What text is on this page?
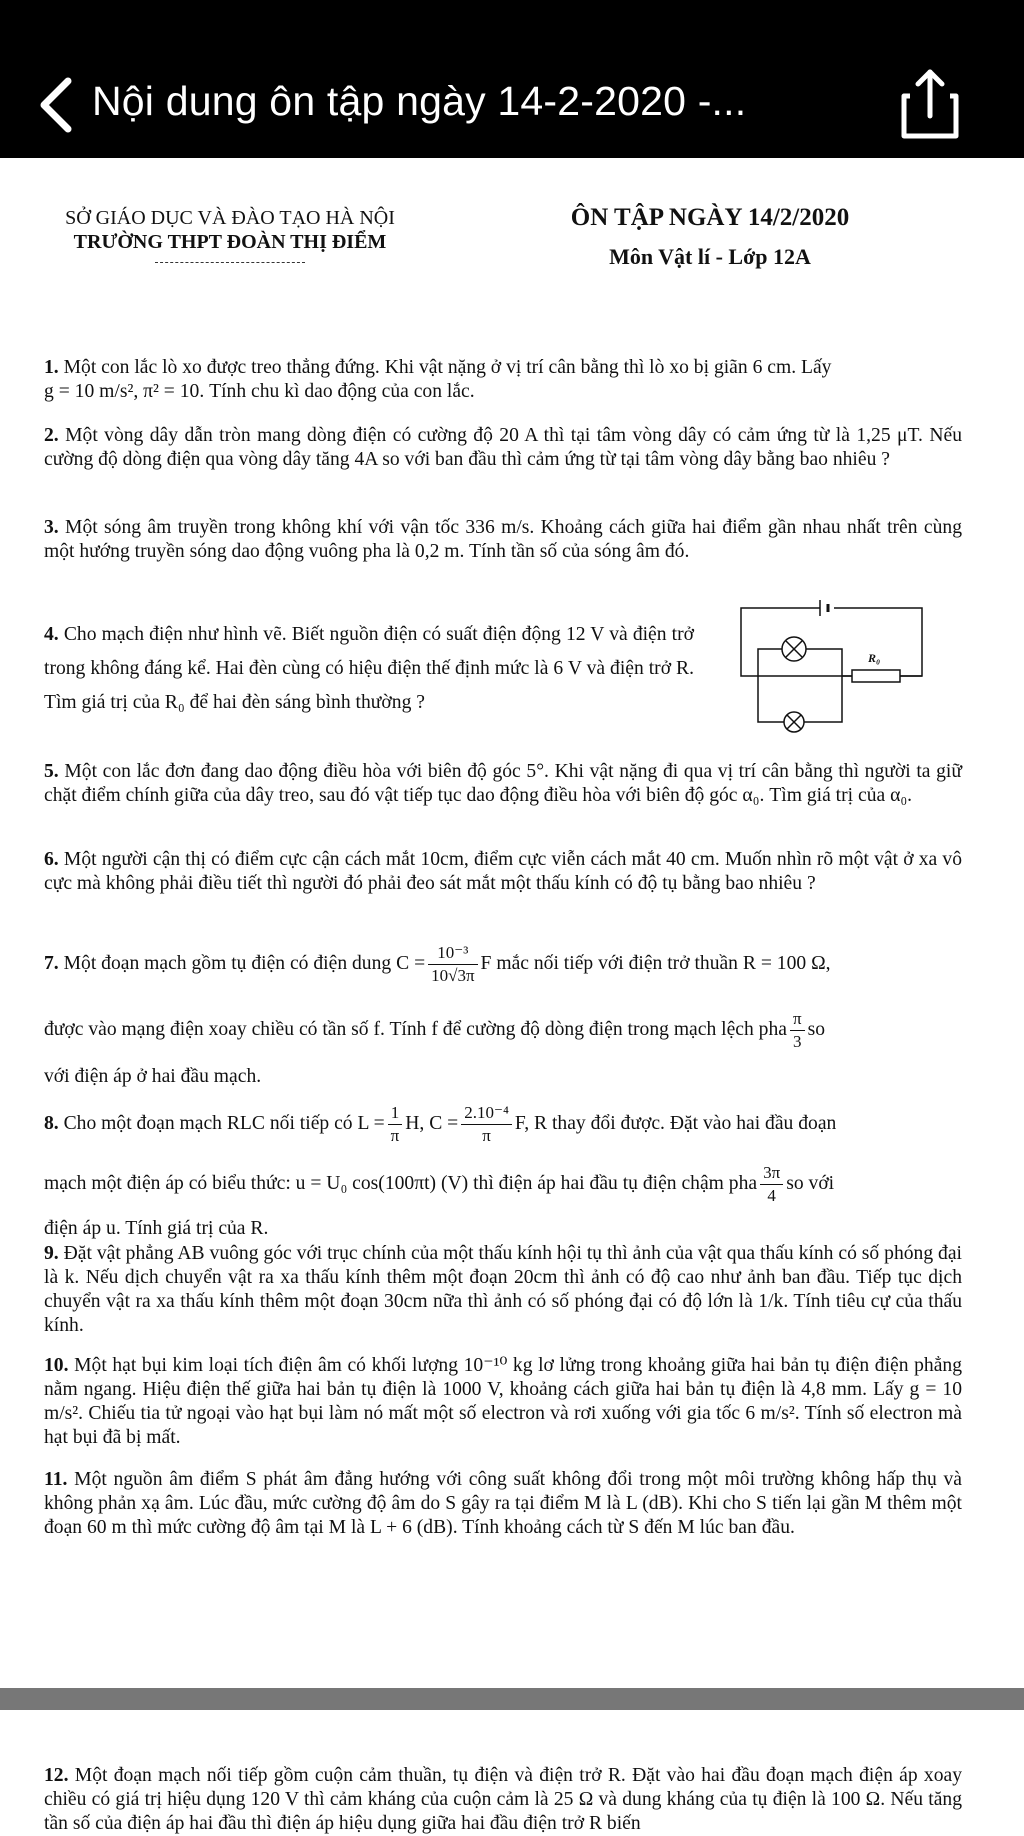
Nội dung ôn tập ngày 14-2-2020 -...
SỞ GIÁO DỤC VÀ ĐÀO TẠO HÀ NỘI
TRƯỜNG THPT ĐOÀN THỊ ĐIỂM
ÔN TẬP NGÀY 14/2/2020
Môn Vật lí - Lớp 12A
1. Một con lắc lò xo được treo thẳng đứng. Khi vật nặng ở vị trí cân bằng thì lò xo bị giãn 6 cm. Lấy
g = 10 m/s², π² = 10. Tính chu kì dao động của con lắc.
2. Một vòng dây dẫn tròn mang dòng điện có cường độ 20 A thì tại tâm vòng dây có cảm ứng từ là 1,25 μT. Nếu cường độ dòng điện qua vòng dây tăng 4A so với ban đầu thì cảm ứng từ tại tâm vòng dây bằng bao nhiêu ?
3. Một sóng âm truyền trong không khí với vận tốc 336 m/s. Khoảng cách giữa hai điểm gần nhau nhất trên cùng một hướng truyền sóng dao động vuông pha là 0,2 m. Tính tần số của sóng âm đó.
4. Cho mạch điện như hình vẽ. Biết nguồn điện có suất điện động 12 V và điện trở trong không đáng kể. Hai đèn cùng có hiệu điện thế định mức là 6 V và điện trở R. Tìm giá trị của R₀ để hai đèn sáng bình thường ?
R₀
5. Một con lắc đơn đang dao động điều hòa với biên độ góc 5°. Khi vật nặng đi qua vị trí cân bằng thì người ta giữ chặt điểm chính giữa của dây treo, sau đó vật tiếp tục dao động điều hòa với biên độ góc α₀. Tìm giá trị của α₀.
6. Một người cận thị có điểm cực cận cách mắt 10cm, điểm cực viễn cách mắt 40 cm. Muốn nhìn rõ một vật ở xa vô cực mà không phải điều tiết thì người đó phải đeo sát mắt một thấu kính có độ tụ bằng bao nhiêu ?
7.
Một đoạn mạch gồm tụ điện có điện dung $C = \frac{\text{10⁻³}}{10√3\pi}$ F mắc nối tiếp với điện trở thuần R = 100 Ω,
được vào mạng điện xoay chiều có tần số f. Tính f để cường độ dòng điện trong mạch lệch pha $\frac{\pi}{3}$ so
với điện áp ở hai đầu mạch.
8.
Cho một đoạn mạch RLC nối tiếp có $L = \frac{1}{\pi} H$, $C = \frac{\text{2.10⁻⁴}}{\pi} F$, R thay đổi được. Đặt vào hai đầu đoạn
mạch một điện áp có biểu thức: u = U₀ cos(100πt) (V) thì điện áp hai đầu tụ điện chậm pha $\frac{3\pi}{4}$ so với
điện áp u. Tính giá trị của R.
9. Đặt vật phẳng AB vuông góc với trục chính của một thấu kính hội tụ thì ảnh của vật qua thấu kính có số phóng đại là k. Nếu dịch chuyển vật ra xa thấu kính thêm một đoạn 20cm thì ảnh có độ cao như ảnh ban đầu. Tiếp tục dịch chuyển vật ra xa thấu kính thêm một đoạn 30cm nữa thì ảnh có số phóng đại có độ lớn là 1/k. Tính tiêu cự của thấu kính.
10. Một hạt bụi kim loại tích điện âm có khối lượng 10⁻¹⁰ kg lơ lửng trong khoảng giữa hai bản tụ điện điện phẳng nằm ngang. Hiệu điện thế giữa hai bản tụ điện là 1000 V, khoảng cách giữa hai bản tụ điện là 4,8 mm. Lấy g = 10 m/s². Chiếu tia tử ngoại vào hạt bụi làm nó mất một số electron và rơi xuống với gia tốc 6 m/s². Tính số electron mà hạt bụi đã bị mất.
11. Một nguồn âm điểm S phát âm đẳng hướng với công suất không đổi trong một môi trường không hấp thụ và không phản xạ âm. Lúc đầu, mức cường độ âm do S gây ra tại điểm M là L (dB). Khi cho S tiến lại gần M thêm một đoạn 60 m thì mức cường độ âm tại M là L + 6 (dB). Tính khoảng cách từ S đến M lúc ban đầu.
12. Một đoạn mạch nối tiếp gồm cuộn cảm thuần, tụ điện và điện trở R. Đặt vào hai đầu đoạn mạch điện áp xoay chiều có giá trị hiệu dụng 120 V thì cảm kháng của cuộn cảm là 25 Ω và dung kháng của tụ điện là 100 Ω. Nếu tăng tần số của điện áp hai đầu thì điện áp hiệu dụng giữa hai đầu điện trở R biến
